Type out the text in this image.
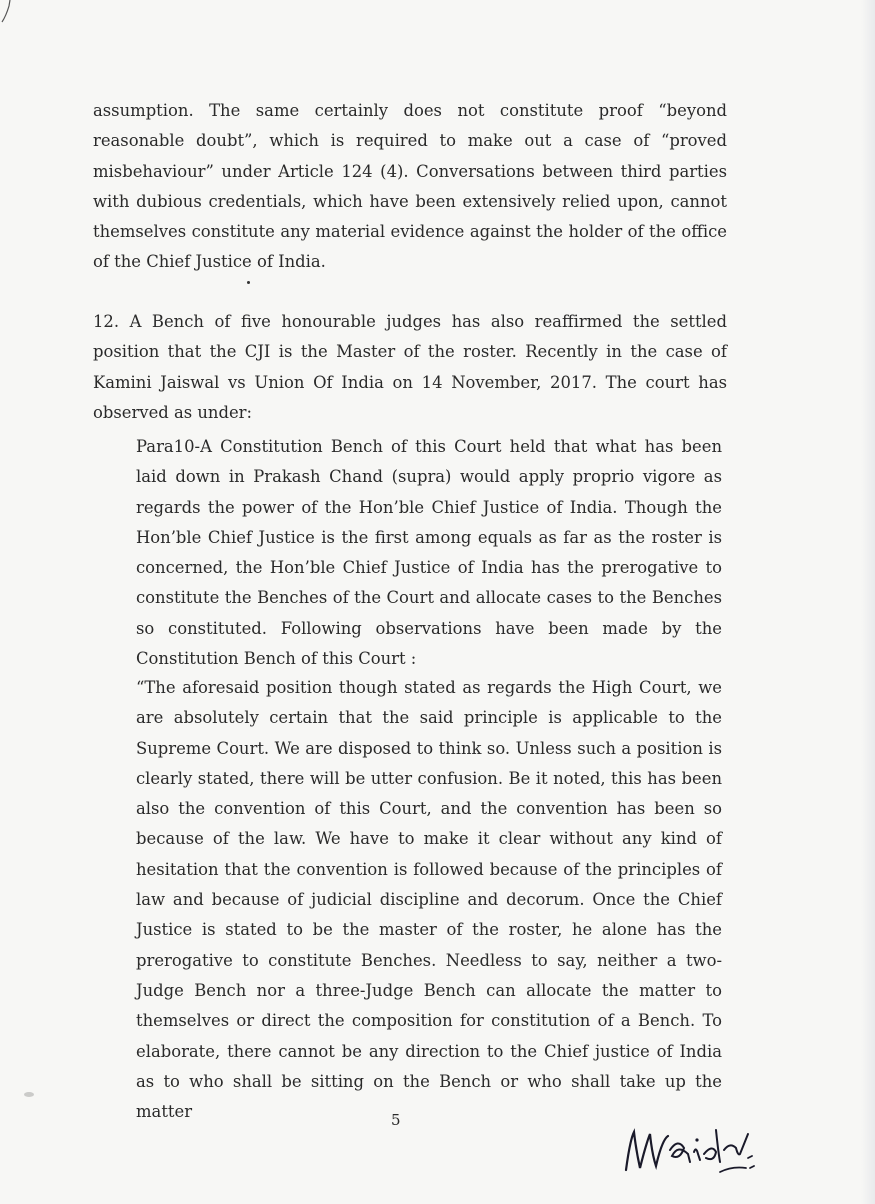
assumption. The same certainly does not constitute proof “beyond reasonable doubt”, which is required to make out a case of “proved misbehaviour” under Article 124 (4). Conversations between third parties with dubious credentials, which have been extensively relied upon, cannot themselves constitute any material evidence against the holder of the office of the Chief Justice of India.

12. A Bench of five honourable judges has also reaffirmed the settled position that the CJI is the Master of the roster. Recently in the case of Kamini Jaiswal vs Union Of India on 14 November, 2017. The court has observed as under:

Para10-A Constitution Bench of this Court held that what has been laid down in Prakash Chand (supra) would apply proprio vigore as regards the power of the Hon’ble Chief Justice of India. Though the Hon’ble Chief Justice is the first among equals as far as the roster is concerned, the Hon’ble Chief Justice of India has the prerogative to constitute the Benches of the Court and allocate cases to the Benches so constituted. Following observations have been made by the Constitution Bench of this Court :

“The aforesaid position though stated as regards the High Court, we are absolutely certain that the said principle is applicable to the Supreme Court. We are disposed to think so. Unless such a position is clearly stated, there will be utter confusion. Be it noted, this has been also the convention of this Court, and the convention has been so because of the law. We have to make it clear without any kind of hesitation that the convention is followed because of the principles of law and because of judicial discipline and decorum. Once the Chief Justice is stated to be the master of the roster, he alone has the prerogative to constitute Benches. Needless to say, neither a two-Judge Bench nor a three-Judge Bench can allocate the matter to themselves or direct the composition for constitution of a Bench. To elaborate, there cannot be any direction to the Chief justice of India as to who shall be sitting on the Bench or who shall take up the matter	5
